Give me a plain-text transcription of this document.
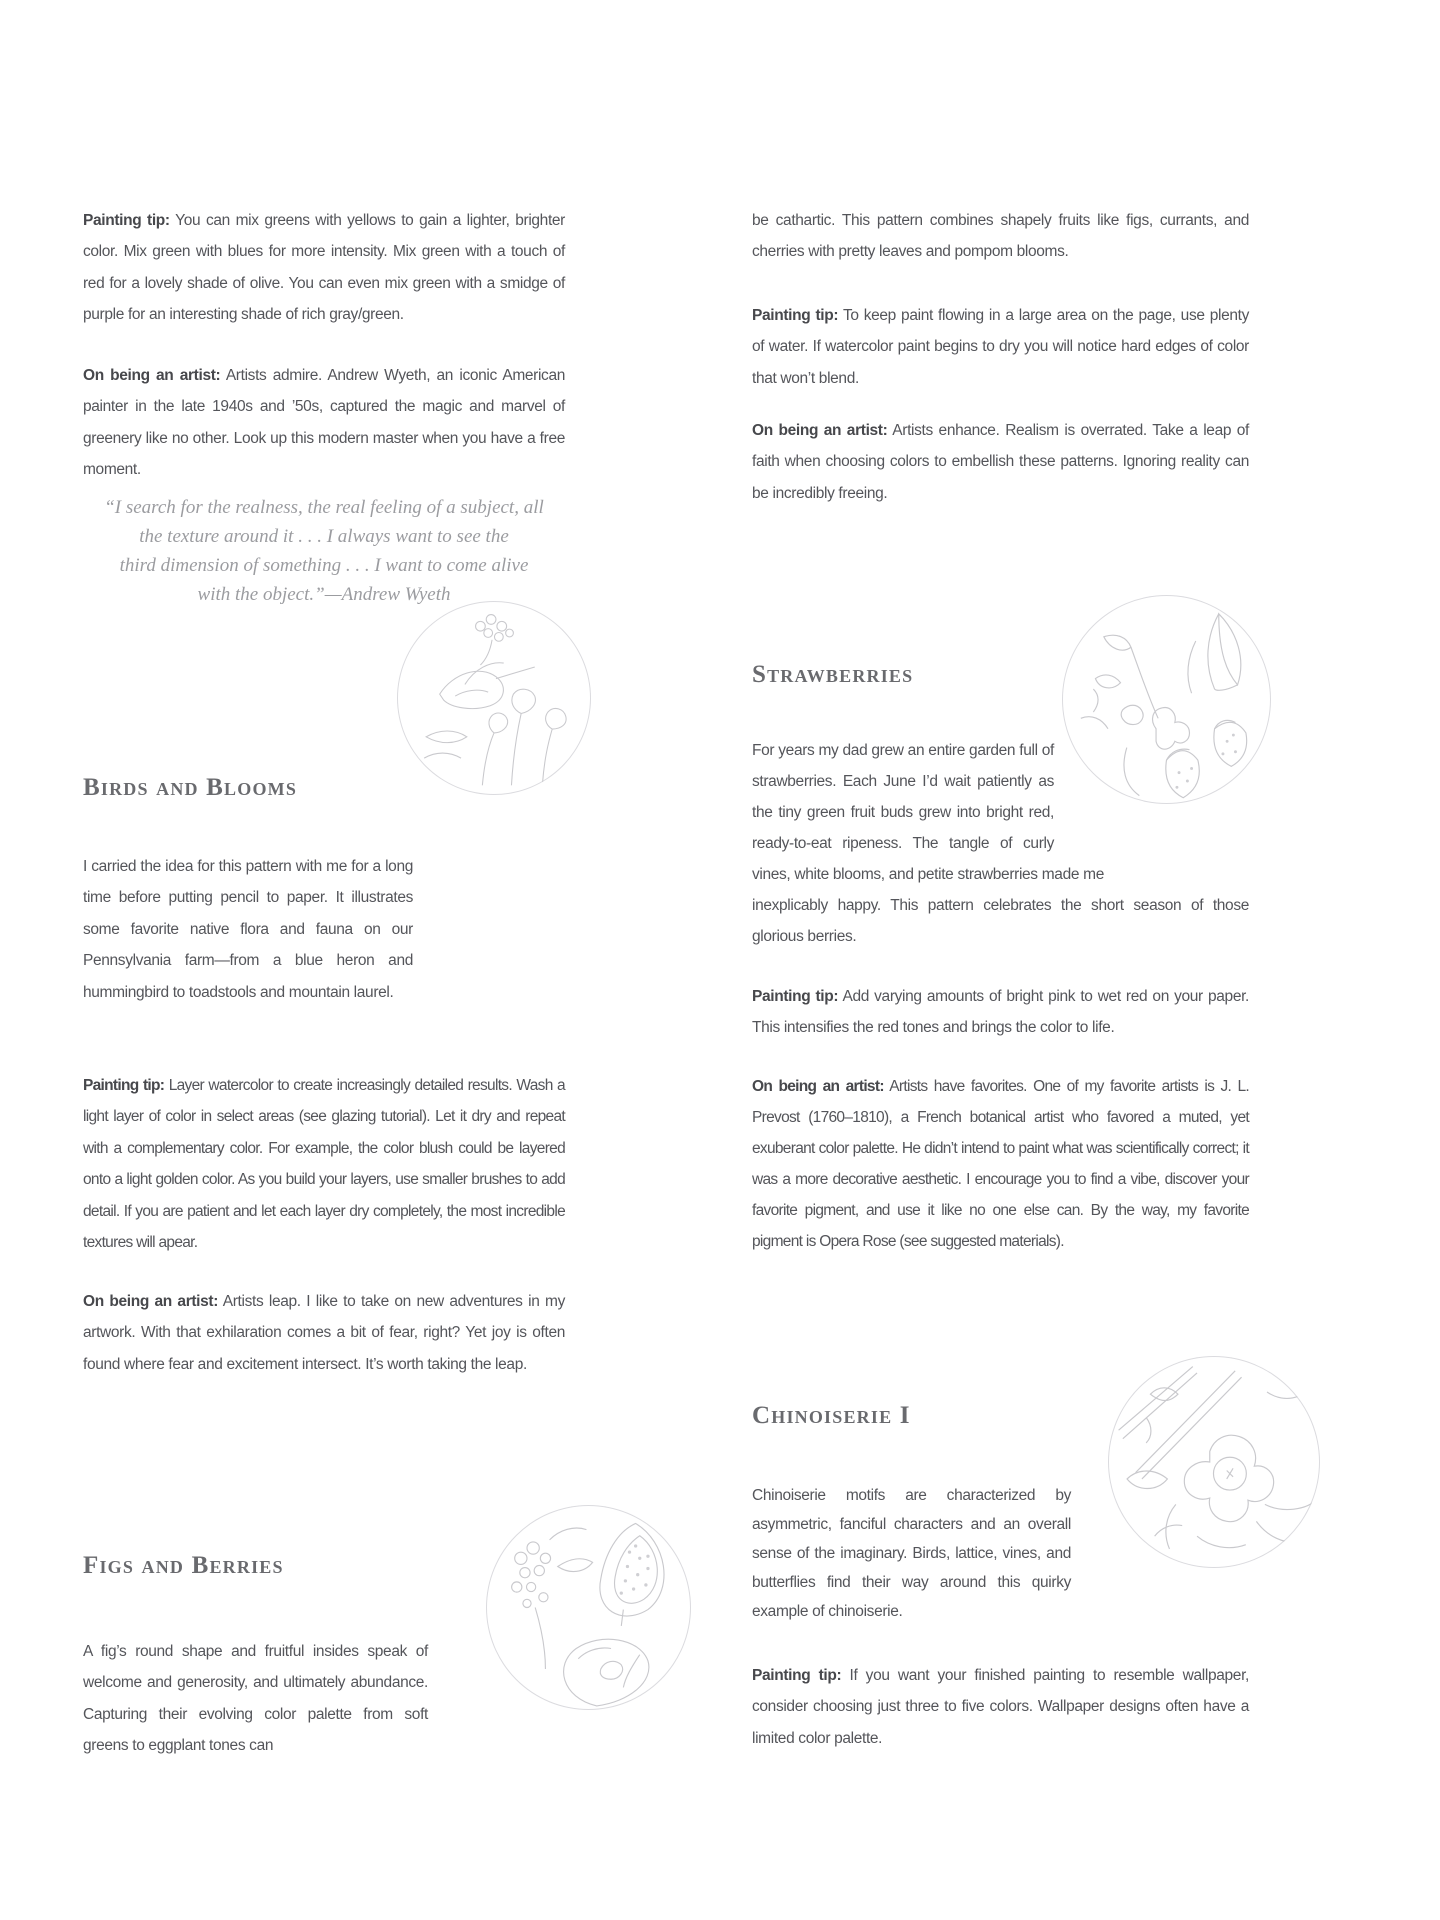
Painting tip: You can mix greens with yellows to gain a lighter, brighter color. Mix green with blues for more intensity. Mix green with a touch of red for a lovely shade of olive. You can even mix green with a smidge of purple for an interesting shade of rich gray/green.

On being an artist: Artists admire. Andrew Wyeth, an iconic American painter in the late 1940s and ’50s, captured the magic and marvel of greenery like no other. Look up this modern master when you have a free moment.

“I search for the realness, the real feeling of a subject, all
the texture around it . . . I always want to see the
third dimension of something . . . I want to come alive
with the object.”—Andrew Wyeth
Birds and Blooms

I carried the idea for this pattern with me for a long time before putting pencil to paper. It illustrates some favorite native flora and fauna on our Pennsylvania farm—from a blue heron and hummingbird to toadstools and mountain laurel.

Painting tip: Layer watercolor to create increasingly detailed results. Wash a light layer of color in select areas (see glazing tutorial). Let it dry and repeat with a complementary color. For example, the color blush could be layered onto a light golden color. As you build your layers, use smaller brushes to add detail. If you are patient and let each layer dry completely, the most incredible textures will apear.

On being an artist: Artists leap. I like to take on new adventures in my artwork. With that exhilaration comes a bit of fear, right? Yet joy is often found where fear and excitement intersect. It’s worth taking the leap.

Figs and Berries

A fig’s round shape and fruitful insides speak of welcome and generosity, and ultimately abundance. Capturing their evolving color palette from soft greens to eggplant tones can

be cathartic. This pattern combines shapely fruits like figs, currants, and cherries with pretty leaves and pompom blooms.

Painting tip: To keep paint flowing in a large area on the page, use plenty of water. If watercolor paint begins to dry you will notice hard edges of color that won’t blend.

On being an artist: Artists enhance. Realism is overrated. Take a leap of faith when choosing colors to embellish these patterns. Ignoring reality can be incredibly freeing.

Strawberries

For years my dad grew an entire garden full of strawberries. Each June I’d wait patiently as the tiny green fruit buds grew into bright red, ready-to-eat ripeness. The tangle of curly vines, white blooms, and petite strawberries made me inexplicably happy. This pattern celebrates the short season of those glorious berries.

Painting tip: Add varying amounts of bright pink to wet red on your paper. This intensifies the red tones and brings the color to life.

On being an artist: Artists have favorites. One of my favorite artists is J. L. Prevost (1760–1810), a French botanical artist who favored a muted, yet exuberant color palette. He didn’t intend to paint what was scientifically correct; it was a more decorative aesthetic. I encourage you to find a vibe, discover your favorite pigment, and use it like no one else can. By the way, my favorite pigment is Opera Rose (see suggested materials).

Chinoiserie I

Chinoiserie motifs are characterized by asymmetric, fanciful characters and an overall sense of the imaginary. Birds, lattice, vines, and butterflies find their way around this quirky example of chinoiserie.

Painting tip: If you want your finished painting to resemble wallpaper, consider choosing just three to five colors. Wallpaper designs often have a limited color palette.
